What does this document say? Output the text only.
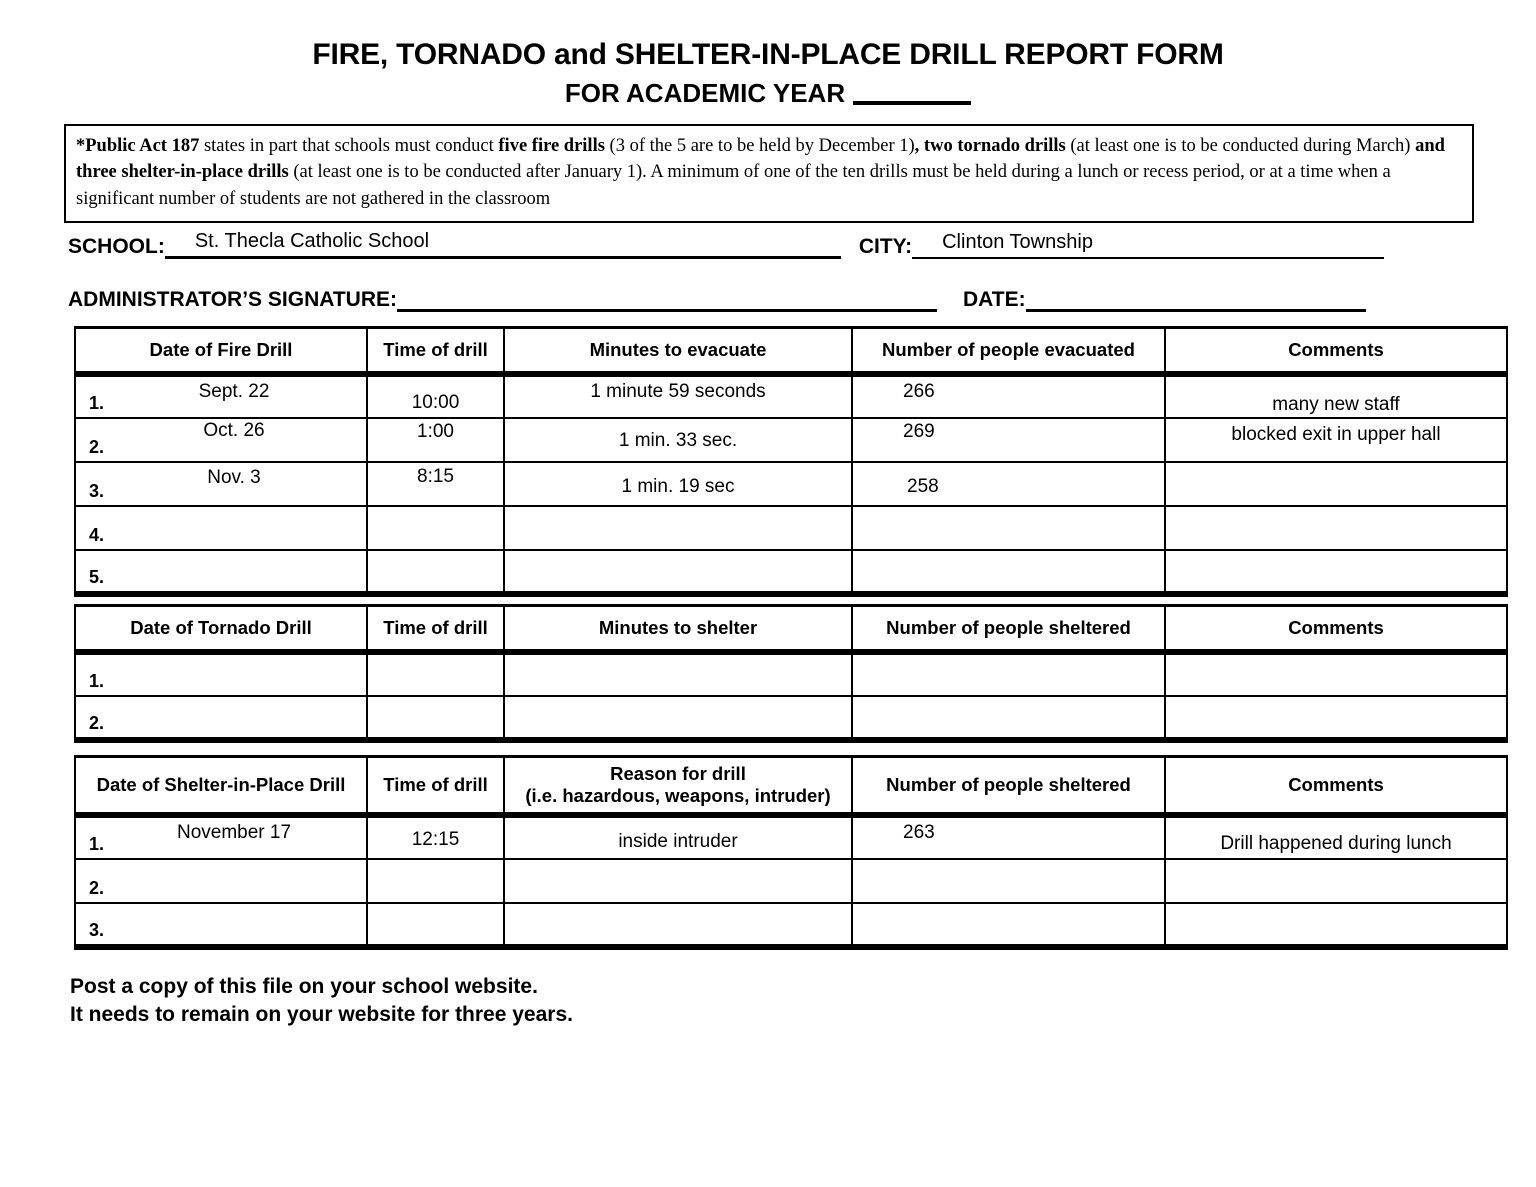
FIRE, TORNADO and SHELTER-IN-PLACE DRILL REPORT FORM
FOR ACADEMIC YEAR
*Public Act 187 states in part that schools must conduct five fire drills (3 of the 5 are to be held by December 1), two tornado drills (at least one is to be conducted during March) and three shelter-in-place drills (at least one is to be conducted after January 1). A minimum of one of the ten drills must be held during a lunch or recess period, or at a time when a significant number of students are not gathered in the classroom
SCHOOL: St. Thecla Catholic School	CITY: Clinton Township
ADMINISTRATOR’S SIGNATURE:	DATE:
Date of Fire Drill	Time of drill	Minutes to evacuate	Number of people evacuated	Comments

1.
Sept. 22	10:00	1 minute 59 seconds	266	many new staff

2.
Oct. 26	1:00	1 min. 33 sec.	269	blocked exit in upper hall

3.
Nov. 3	8:15	1 min. 19 sec	258	

4.				

5.				

Date of Tornado Drill	Time of drill	Minutes to shelter	Number of people sheltered	Comments

1.				

2.				

Date of Shelter-in-Place Drill	Time of drill	Reason for drill
(i.e. hazardous, weapons, intruder)	Number of people sheltered	Comments

1.
November 17	12:15	inside intruder	263	Drill happened during lunch

2.				

3.				

Post a copy of this file on your school website.
It needs to remain on your website for three years.
